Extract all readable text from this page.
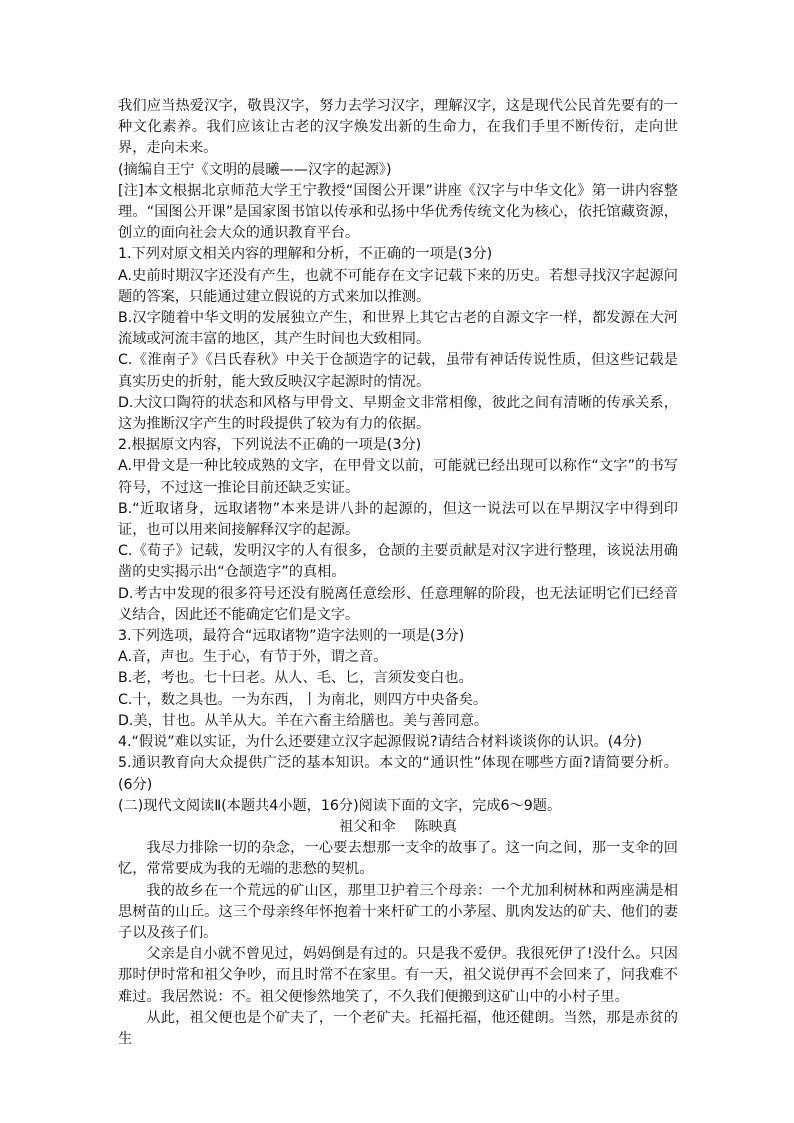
我们应当热爱汉字，敬畏汉字，努力去学习汉字，理解汉字，这是现代公民首先要有的一种文化素养。我们应该让古老的汉字焕发出新的生命力，在我们手里不断传衍，走向世界，走向未来。

(摘编自王宁《文明的晨曦——汉字的起源》)

[注]本文根据北京师范大学王宁教授“国图公开课”讲座《汉字与中华文化》第一讲内容整理。“国图公开课”是国家图书馆以传承和弘扬中华优秀传统文化为核心，依托馆藏资源，创立的面向社会大众的通识教育平台。

1.下列对原文相关内容的理解和分析，不正确的一项是(3分)

A.史前时期汉字还没有产生，也就不可能存在文字记载下来的历史。若想寻找汉字起源问题的答案，只能通过建立假说的方式来加以推测。

B.汉字随着中华文明的发展独立产生，和世界上其它古老的自源文字一样，都发源在大河流域或河流丰富的地区，其产生时间也大致相同。

C.《淮南子》《吕氏春秋》中关于仓颉造字的记载，虽带有神话传说性质，但这些记载是真实历史的折射，能大致反映汉字起源时的情况。

D.大汶口陶符的状态和风格与甲骨文、早期金文非常相像，彼此之间有清晰的传承关系，这为推断汉字产生的时段提供了较为有力的依据。

2.根据原文内容，下列说法不正确的一项是(3分)

A.甲骨文是一种比较成熟的文字，在甲骨文以前，可能就已经出现可以称作“文字”的书写符号，不过这一推论目前还缺乏实证。

B.“近取诸身，远取诸物”本来是讲八卦的起源的，但这一说法可以在早期汉字中得到印证，也可以用来间接解释汉字的起源。

C.《荀子》记载，发明汉字的人有很多，仓颉的主要贡献是对汉字进行整理，该说法用确凿的史实揭示出“仓颉造字”的真相。

D.考古中发现的很多符号还没有脱离任意绘形、任意理解的阶段，也无法证明它们已经音义结合，因此还不能确定它们是文字。

3.下列选项，最符合“远取诸物”造字法则的一项是(3分)

A.音，声也。生于心，有节于外，谓之音。

B.老，考也。七十曰老。从人、毛、匕，言须发变白也。

C.十，数之具也。一为东西，丨为南北，则四方中央备矣。

D.美，甘也。从羊从大。羊在六畜主给膳也。美与善同意。

4.“假说”难以实证，为什么还要建立汉字起源假说?请结合材料谈谈你的认识。(4分)

5.通识教育向大众提供广泛的基本知识。本文的“通识性”体现在哪些方面?请简要分析。(6分)

(二)现代文阅读Ⅱ(本题共4小题，16分)阅读下面的文字，完成6～9题。

祖父和伞 陈映真

我尽力排除一切的杂念，一心要去想那一支伞的故事了。这一向之间，那一支伞的回忆，常常要成为我的无端的悲愁的契机。

我的故乡在一个荒远的矿山区，那里卫护着三个母亲：一个尤加利树林和两座满是相思树苗的山丘。这三个母亲终年怀抱着十来杆矿工的小茅屋、肌肉发达的矿夫、他们的妻子以及孩子们。

父亲是自小就不曾见过，妈妈倒是有过的。只是我不爱伊。我很死伊了!没什么。只因那时伊时常和祖父争吵，而且时常不在家里。有一天，祖父说伊再不会回来了，问我难不难过。我居然说：不。祖父便惨然地笑了，不久我们便搬到这矿山中的小村子里。

从此，祖父便也是个矿夫了，一个老矿夫。托福托福，他还健朗。当然，那是赤贫的生
